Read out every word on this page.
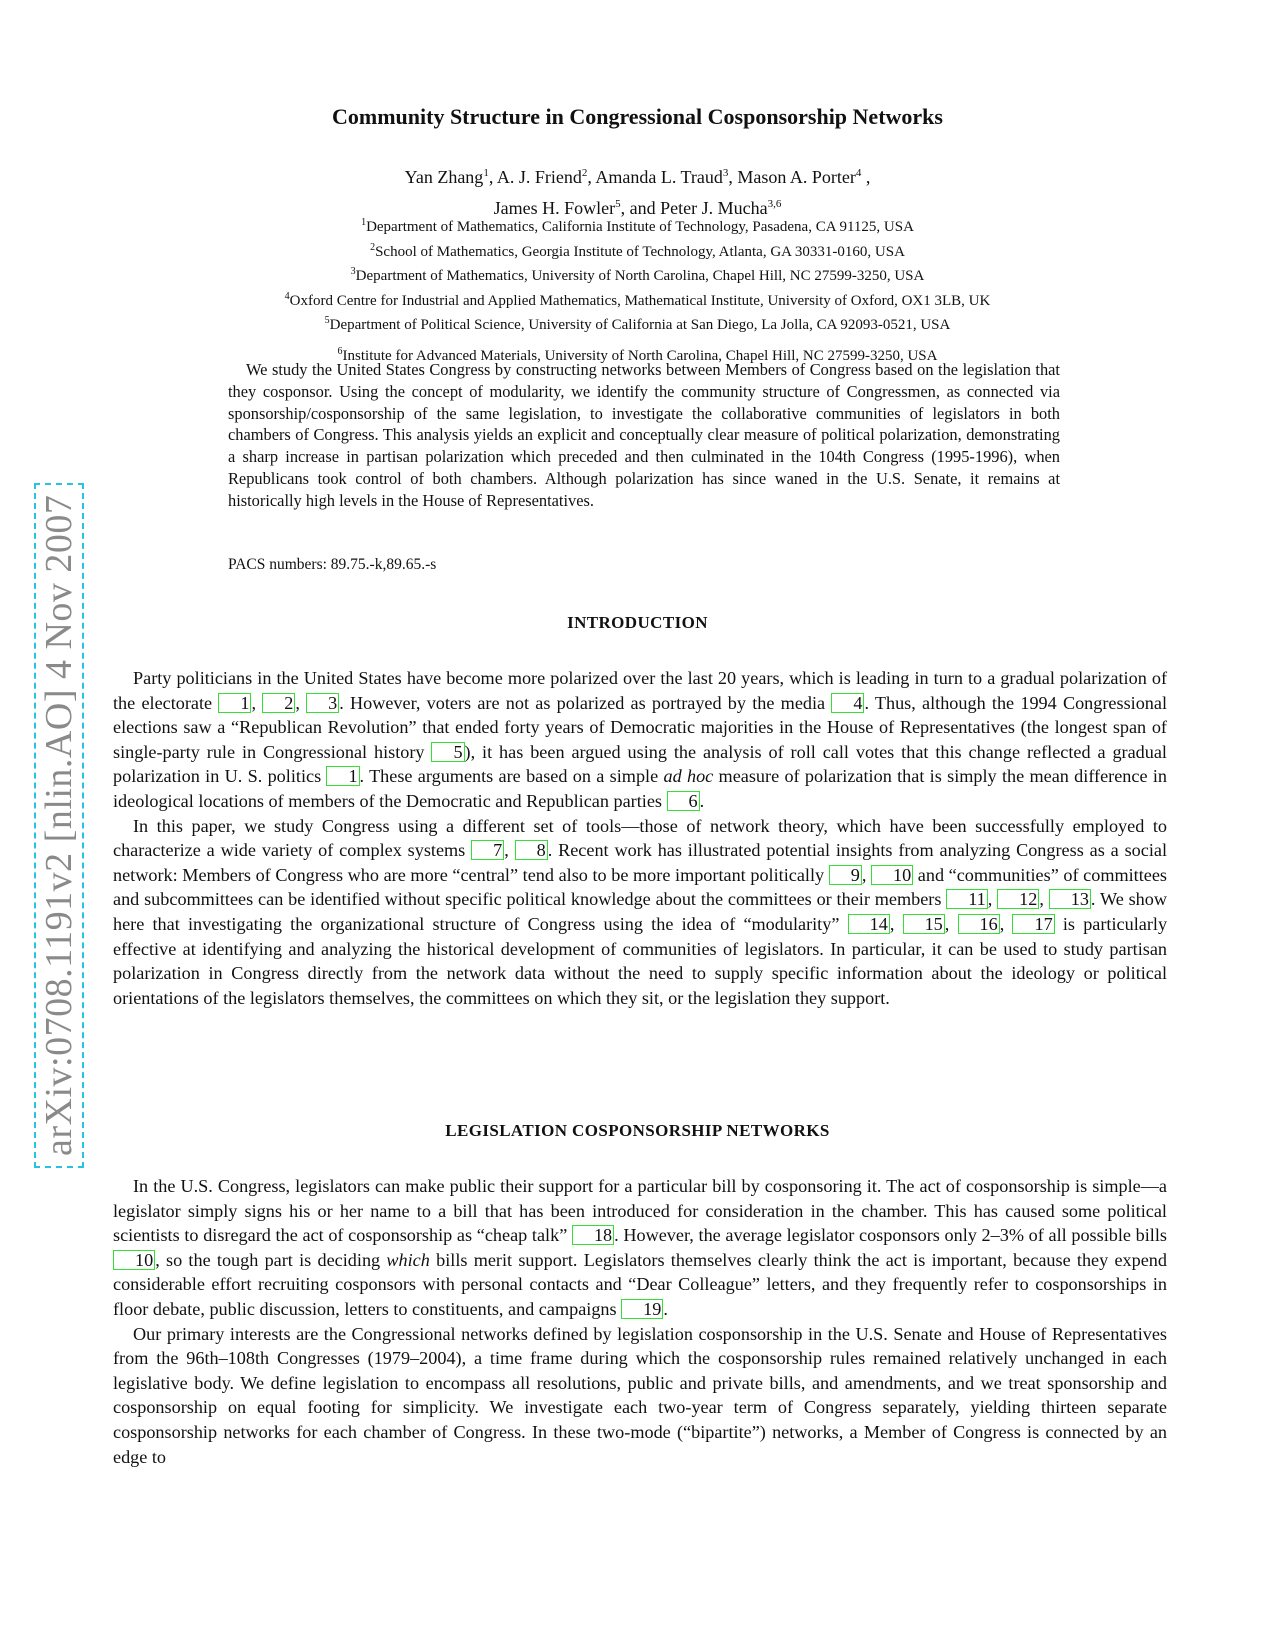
arXiv:0708.1191v2 [nlin.AO] 4 Nov 2007
Community Structure in Congressional Cosponsorship Networks
Yan Zhang$^1$, A. J. Friend$^2$, Amanda L. Traud$^3$, Mason A. Porter$^4$ ,
James H. Fowler$^5$, and Peter J. Mucha$^{3,6}$
$^1$Department of Mathematics, California Institute of Technology, Pasadena, CA 91125, USA
$^2$School of Mathematics, Georgia Institute of Technology, Atlanta, GA 30331-0160, USA
$^3$Department of Mathematics, University of North Carolina, Chapel Hill, NC 27599-3250, USA
$^4$Oxford Centre for Industrial and Applied Mathematics, Mathematical Institute, University of Oxford, OX1 3LB, UK
$^5$Department of Political Science, University of California at San Diego, La Jolla, CA 92093-0521, USA
$^6$Institute for Advanced Materials, University of North Carolina, Chapel Hill, NC 27599-3250, USA
We study the United States Congress by constructing networks between Members of Congress based on the legislation that they cosponsor. Using the concept of modularity, we identify the community structure of Congressmen, as connected via sponsorship/cosponsorship of the same legislation, to investigate the collaborative communities of legislators in both chambers of Congress. This analysis yields an explicit and conceptually clear measure of political polarization, demonstrating a sharp increase in partisan polarization which preceded and then culminated in the 104th Congress (1995-1996), when Republicans took control of both chambers. Although polarization has since waned in the U.S. Senate, it remains at historically high levels in the House of Representatives.
PACS numbers: 89.75.-k,89.65.-s
INTRODUCTION

Party politicians in the United States have become more polarized over the last 20 years, which is leading in turn to a gradual polarization of the electorate 1 , 2 , 3 . However, voters are not as polarized as portrayed by the media 4 . Thus, although the 1994 Congressional elections saw a “Republican Revolution” that ended forty years of Democratic majorities in the House of Representatives (the longest span of single-party rule in Congressional history 5 ), it has been argued using the analysis of roll call votes that this change reflected a gradual polarization in U. S. politics 1 . These arguments are based on a simple ad hoc measure of polarization that is simply the mean difference in ideological locations of members of the Democratic and Republican parties 6 .

In this paper, we study Congress using a different set of tools—those of network theory, which have been successfully employed to characterize a wide variety of complex systems 7 , 8 . Recent work has illustrated potential insights from analyzing Congress as a social network: Members of Congress who are more “central” tend also to be more important politically 9 , 10 and “communities” of committees and subcommittees can be identified without specific political knowledge about the committees or their members 11 , 12 , 13 . We show here that investigating the organizational structure of Congress using the idea of “modularity” 14 , 15 , 16 , 17 is particularly effective at identifying and analyzing the historical development of communities of legislators. In particular, it can be used to study partisan polarization in Congress directly from the network data without the need to supply specific information about the ideology or political orientations of the legislators themselves, the committees on which they sit, or the legislation they support.

LEGISLATION COSPONSORSHIP NETWORKS

In the U.S. Congress, legislators can make public their support for a particular bill by cosponsoring it. The act of cosponsorship is simple—a legislator simply signs his or her name to a bill that has been introduced for consideration in the chamber. This has caused some political scientists to disregard the act of cosponsorship as “cheap talk” 18 . However, the average legislator cosponsors only 2–3% of all possible bills 10 , so the tough part is deciding which bills merit support. Legislators themselves clearly think the act is important, because they expend considerable effort recruiting cosponsors with personal contacts and “Dear Colleague” letters, and they frequently refer to cosponsorships in floor debate, public discussion, letters to constituents, and campaigns 19 .

Our primary interests are the Congressional networks defined by legislation cosponsorship in the U.S. Senate and House of Representatives from the 96th–108th Congresses (1979–2004), a time frame during which the cosponsorship rules remained relatively unchanged in each legislative body. We define legislation to encompass all resolutions, public and private bills, and amendments, and we treat sponsorship and cosponsorship on equal footing for simplicity. We investigate each two-year term of Congress separately, yielding thirteen separate cosponsorship networks for each chamber of Congress. In these two-mode (“bipartite”) networks, a Member of Congress is connected by an edge to
